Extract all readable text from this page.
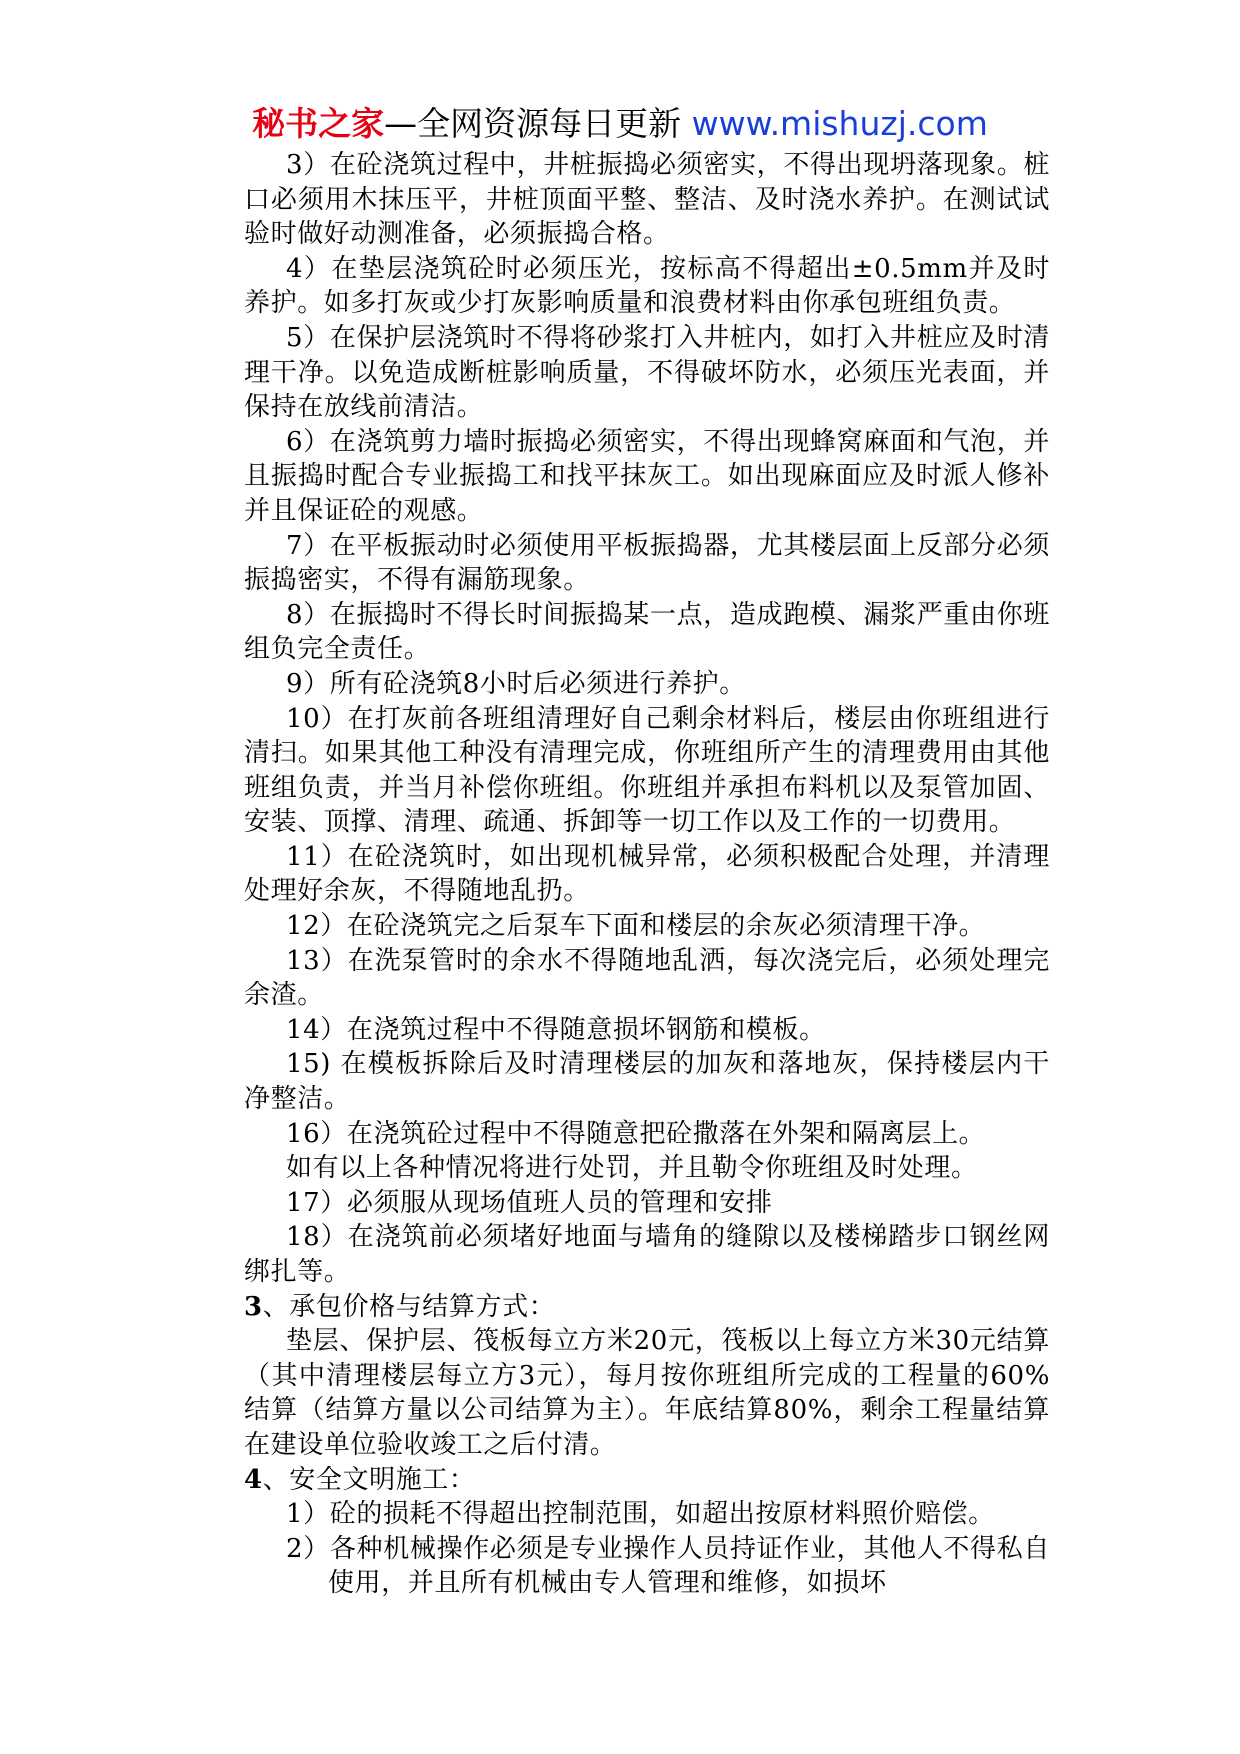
秘书之家—全网资源每日更新 www.mishuzj.com

3）在砼浇筑过程中，井桩振捣必须密实，不得出现坍落现象。桩口必须用木抹压平，井桩顶面平整、整洁、及时浇水养护。在测试试验时做好动测准备，必须振捣合格。

4）在垫层浇筑砼时必须压光，按标高不得超出±0.5mm并及时养护。如多打灰或少打灰影响质量和浪费材料由你承包班组负责。

5）在保护层浇筑时不得将砂浆打入井桩内，如打入井桩应及时清理干净。以免造成断桩影响质量，不得破坏防水，必须压光表面，并保持在放线前清洁。

6）在浇筑剪力墙时振捣必须密实，不得出现蜂窝麻面和气泡，并且振捣时配合专业振捣工和找平抹灰工。如出现麻面应及时派人修补并且保证砼的观感。

7）在平板振动时必须使用平板振捣器，尤其楼层面上反部分必须振捣密实，不得有漏筋现象。

8）在振捣时不得长时间振捣某一点，造成跑模、漏浆严重由你班组负完全责任。

9）所有砼浇筑8小时后必须进行养护。

10）在打灰前各班组清理好自己剩余材料后，楼层由你班组进行清扫。如果其他工种没有清理完成，你班组所产生的清理费用由其他班组负责，并当月补偿你班组。你班组并承担布料机以及泵管加固、安装、顶撑、清理、疏通、拆卸等一切工作以及工作的一切费用。

11）在砼浇筑时，如出现机械异常，必须积极配合处理，并清理处理好余灰，不得随地乱扔。

12）在砼浇筑完之后泵车下面和楼层的余灰必须清理干净。

13）在洗泵管时的余水不得随地乱洒，每次浇完后，必须处理完余渣。

14）在浇筑过程中不得随意损坏钢筋和模板。

15) 在模板拆除后及时清理楼层的加灰和落地灰，保持楼层内干净整洁。

16）在浇筑砼过程中不得随意把砼撒落在外架和隔离层上。

如有以上各种情况将进行处罚，并且勒令你班组及时处理。

17）必须服从现场值班人员的管理和安排

18）在浇筑前必须堵好地面与墙角的缝隙以及楼梯踏步口钢丝网绑扎等。

3、承包价格与结算方式：

垫层、保护层、筏板每立方米20元，筏板以上每立方米30元结算（其中清理楼层每立方3元），每月按你班组所完成的工程量的60%结算（结算方量以公司结算为主）。年底结算80%，剩余工程量结算在建设单位验收竣工之后付清。

4、安全文明施工：

1）砼的损耗不得超出控制范围，如超出按原材料照价赔偿。

2）各种机械操作必须是专业操作人员持证作业，其他人不得私自使用，并且所有机械由专人管理和维修，如损坏
